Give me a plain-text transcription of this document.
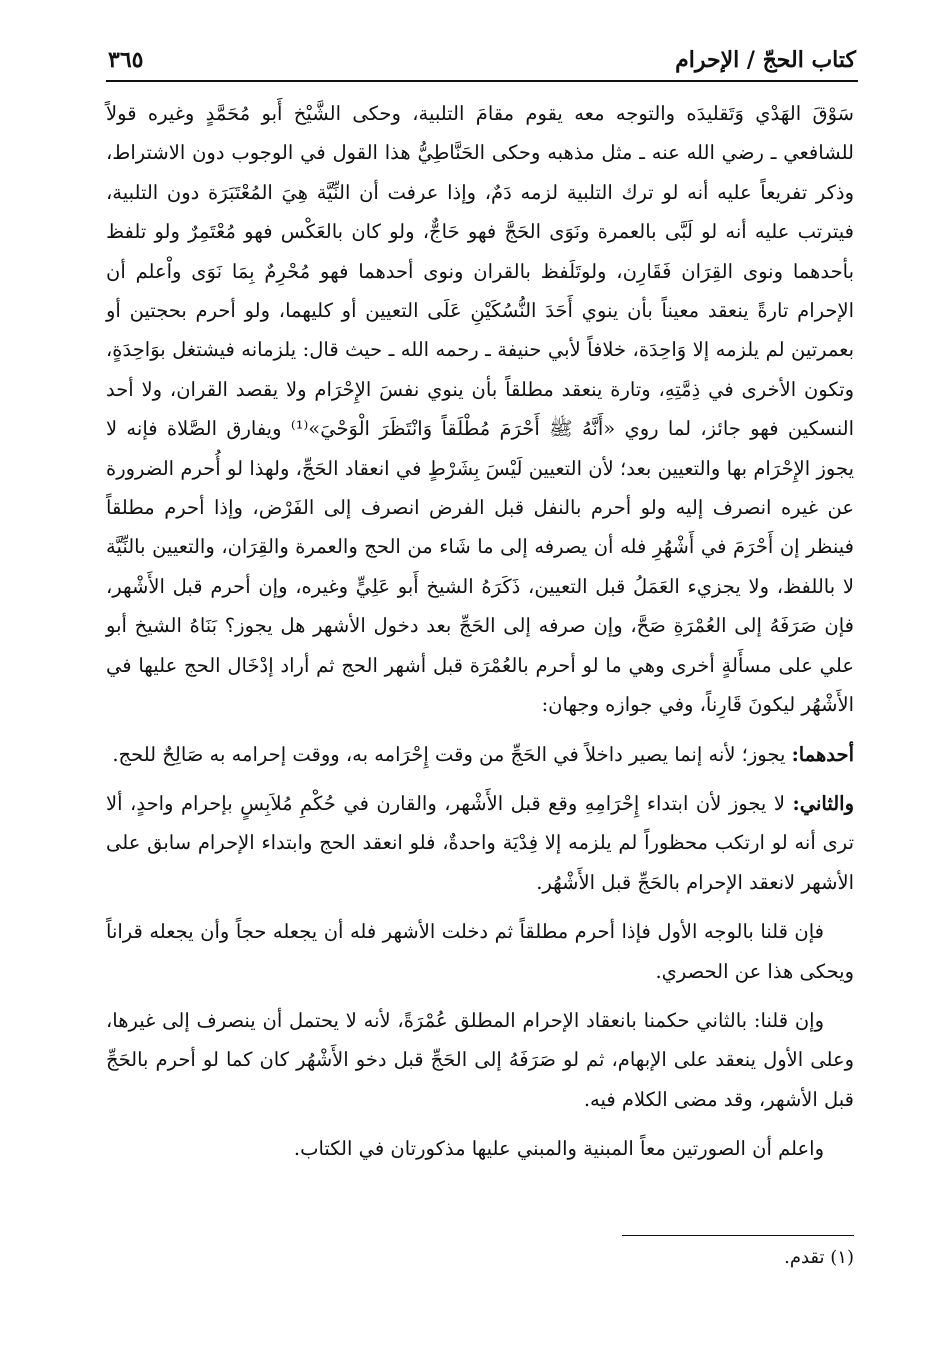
كتاب الحجّ / الإحرام
٣٦٥

سَوْقَ الهَدْي وَتَقليدَه والتوجه معه يقوم مقامَ التلبية، وحكى الشَّيْخ أَبو مُحَمَّدٍ وغيره قولاً للشافعي ـ رضي الله عنه ـ مثل مذهبه وحكى الحَنَّاطِيُّ هذا القول في الوجوب دون الاشتراط، وذكر تفريعاً عليه أنه لو ترك التلبية لزمه دَمٌ، وإذا عرفت أن النِّيَّة هِيَ المُعْتَبَرَة دون التلبية، فيترتب عليه أنه لو لَبَّى بالعمرة ونَوَى الحَجَّ فهو حَاجٌّ، ولو كان بالعَكْس فهو مُعْتَمِرٌ ولو تلفظ بأحدهما ونوى القِرَان فَقَارِن، ولوتَلَفظ بالقران ونوى أحدهما فهو مُحْرِمٌ بِمَا نَوَى واْعلم أن الإحرام تارةً ينعقد معيناً بأن ينوي أَحَدَ النُّسُكَيْنِ عَلَى التعيين أو كليهما، ولو أحرم بحجتين أو بعمرتين لم يلزمه إلا وَاحِدَة، خلافاً لأبي حنيفة ـ رحمه الله ـ حيث قال: يلزمانه فيشتغل بوَاحِدَةٍ، وتكون الأخرى في ذِمَّتِهِ، وتارة ينعقد مطلقاً بأن ينوي نفسَ الإِحْرَام ولا يقصد القران، ولا أحد النسكين فهو جائز، لما روي «أَنَّهُ ﷺ أَحْرَمَ مُطْلَقاً وَانْتَظَرَ الْوَحْيَ»⁽¹⁾ ويفارق الصَّلاة فإنه لا يجوز الإِحْرَام بها والتعيين بعد؛ لأن التعيين لَيْسَ بِشَرْطٍ في انعقاد الحَجِّ، ولهذا لو أُحرم الضرورة عن غيره انصرف إليه ولو أحرم بالنفل قبل الفرض انصرف إلى الفَرْض، وإذا أحرم مطلقاً فينظر إن أَحْرَمَ في أَشْهُرِ فله أن يصرفه إلى ما شَاء من الحج والعمرة والقِرَان، والتعيين بالنِّيَّة لا باللفظ، ولا يجزيء العَمَلُ قبل التعيين، ذَكَرَهُ الشيخ أَبو عَلِيٍّ وغيره، وإن أحرم قبل الأَشْهر، فإن صَرَفَهُ إلى العُمْرَةِ صَحَّ، وإن صرفه إلى الحَجِّ بعد دخول الأشهر هل يجوز؟ بَنَاهُ الشيخ أبو علي على مسأَلةٍ أخرى وهي ما لو أحرم بالعُمْرَة قبل أشهر الحج ثم أراد إدْخَال الحج عليها في الأَشْهُر ليكونَ قَارِناً، وفي جوازه وجهان:

أحدهما: يجوز؛ لأنه إنما يصير داخلاً في الحَجِّ من وقت إِحْرَامه به، ووقت إحرامه به صَالِحٌ للحج.

والثاني: لا يجوز لأن ابتداء إِحْرَامِهِ وقع قبل الأَشْهر، والقارن في حُكْمِ مُلاَبِسٍ بإحرام واحدٍ، ألا ترى أنه لو ارتكب محظوراً لم يلزمه إلا فِدْيَة واحدةٌ، فلو انعقد الحج وابتداء الإحرام سابق على الأشهر لانعقد الإحرام بالحَجِّ قبل الأَشْهُر.

فإن قلنا بالوجه الأول فإذا أحرم مطلقاً ثم دخلت الأشهر فله أن يجعله حجاً وأن يجعله قراناً ويحكى هذا عن الحصري.

وإن قلنا: بالثاني حكمنا بانعقاد الإحرام المطلق عُمْرَةً، لأنه لا يحتمل أن ينصرف إلى غيرها، وعلى الأول ينعقد على الإبهام، ثم لو صَرَفَهُ إلى الحَجِّ قبل دخو الأَشْهُر كان كما لو أحرم بالحَجِّ قبل الأشهر، وقد مضى الكلام فيه.

واعلم أن الصورتين معاً المبنية والمبني عليها مذكورتان في الكتاب.

(١) تقدم.
